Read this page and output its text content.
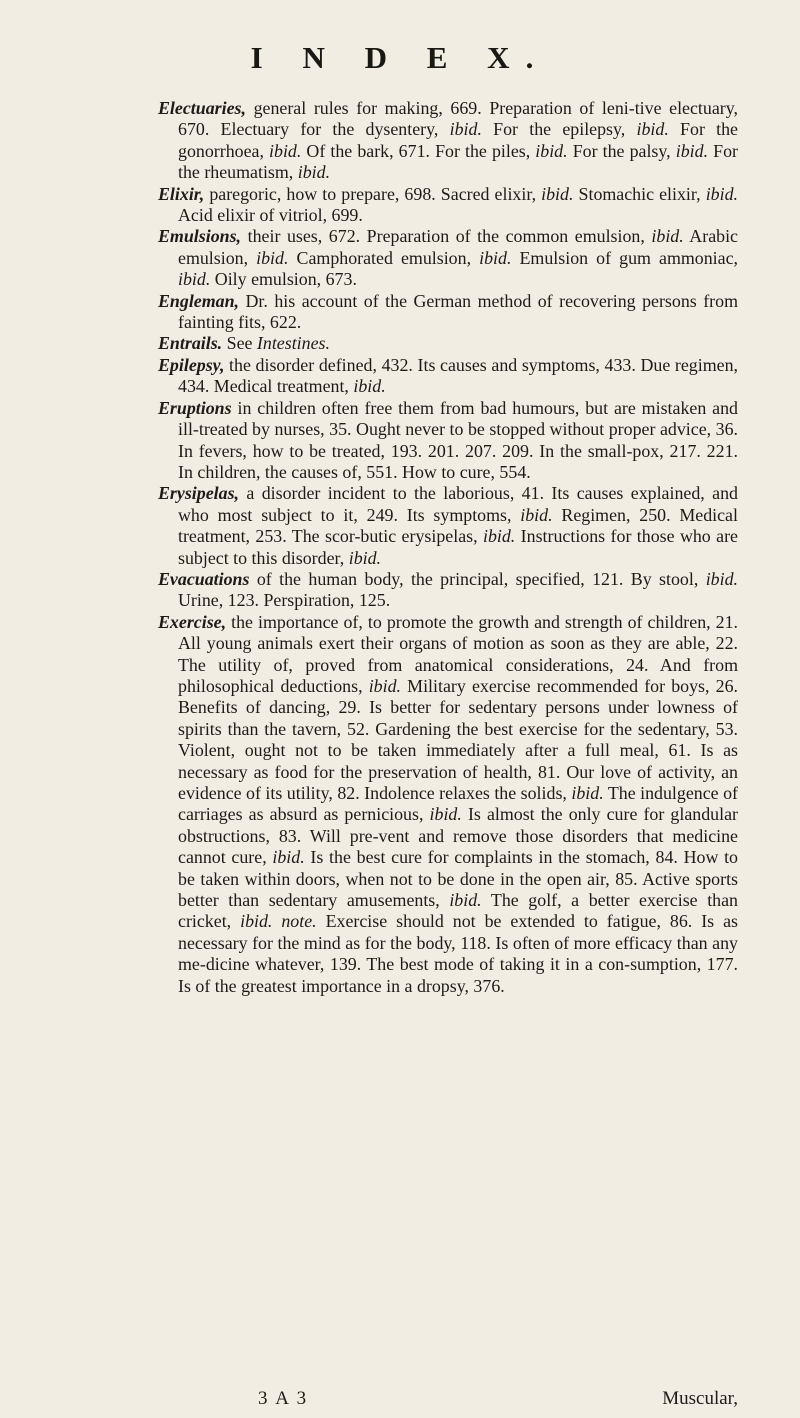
I N D E X.

Electuaries, general rules for making, 669. Preparation of leni-tive electuary, 670. Electuary for the dysentery, ibid. For the epilepsy, ibid. For the gonorrhoea, ibid. Of the bark, 671. For the piles, ibid. For the palsy, ibid. For the rheumatism, ibid.

Elixir, paregoric, how to prepare, 698. Sacred elixir, ibid. Stomachic elixir, ibid. Acid elixir of vitriol, 699.

Emulsions, their uses, 672. Preparation of the common emulsion, ibid. Arabic emulsion, ibid. Camphorated emulsion, ibid. Emulsion of gum ammoniac, ibid. Oily emulsion, 673.

Engleman, Dr. his account of the German method of recovering persons from fainting fits, 622.

Entrails. See Intestines.

Epilepsy, the disorder defined, 432. Its causes and symptoms, 433. Due regimen, 434. Medical treatment, ibid.

Eruptions in children often free them from bad humours, but are mistaken and ill-treated by nurses, 35. Ought never to be stopped without proper advice, 36. In fevers, how to be treated, 193. 201. 207. 209. In the small-pox, 217. 221. In children, the causes of, 551. How to cure, 554.

Erysipelas, a disorder incident to the laborious, 41. Its causes explained, and who most subject to it, 249. Its symptoms, ibid. Regimen, 250. Medical treatment, 253. The scor-butic erysipelas, ibid. Instructions for those who are subject to this disorder, ibid.

Evacuations of the human body, the principal, specified, 121. By stool, ibid. Urine, 123. Perspiration, 125.

Exercise, the importance of, to promote the growth and strength of children, 21. All young animals exert their organs of motion as soon as they are able, 22. The utility of, proved from anatomical considerations, 24. And from philosophical deductions, ibid. Military exercise recommended for boys, 26. Benefits of dancing, 29. Is better for sedentary persons under lowness of spirits than the tavern, 52. Gardening the best exercise for the sedentary, 53. Violent, ought not to be taken immediately after a full meal, 61. Is as necessary as food for the preservation of health, 81. Our love of activity, an evidence of its utility, 82. Indolence relaxes the solids, ibid. The indulgence of carriages as absurd as pernicious, ibid. Is almost the only cure for glandular obstructions, 83. Will pre-vent and remove those disorders that medicine cannot cure, ibid. Is the best cure for complaints in the stomach, 84. How to be taken within doors, when not to be done in the open air, 85. Active sports better than sedentary amusements, ibid. The golf, a better exercise than cricket, ibid. note. Exercise should not be extended to fatigue, 86. Is as necessary for the mind as for the body, 118. Is often of more efficacy than any me-dicine whatever, 139. The best mode of taking it in a con-sumption, 177. Is of the greatest importance in a dropsy, 376.

3 A 3	Muscular,
